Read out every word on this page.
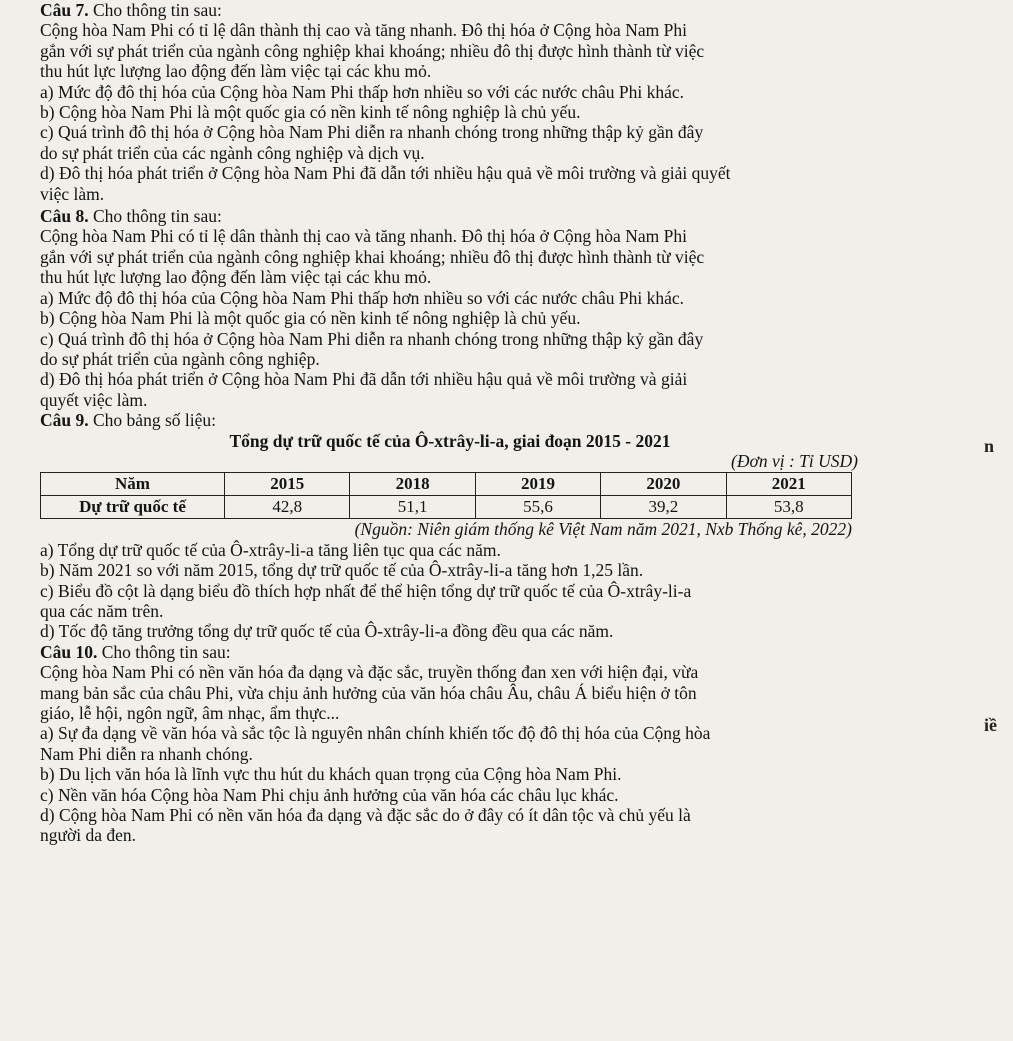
Câu 7. Cho thông tin sau:

Cộng hòa Nam Phi có tỉ lệ dân thành thị cao và tăng nhanh. Đô thị hóa ở Cộng hòa Nam Phi

gắn với sự phát triển của ngành công nghiệp khai khoáng; nhiều đô thị được hình thành từ việc

thu hút lực lượng lao động đến làm việc tại các khu mỏ.

a) Mức độ đô thị hóa của Cộng hòa Nam Phi thấp hơn nhiều so với các nước châu Phi khác.

b) Cộng hòa Nam Phi là một quốc gia có nền kinh tế nông nghiệp là chủ yếu.

c) Quá trình đô thị hóa ở Cộng hòa Nam Phi diễn ra nhanh chóng trong những thập kỷ gần đây

do sự phát triển của các ngành công nghiệp và dịch vụ.

d) Đô thị hóa phát triển ở Cộng hòa Nam Phi đã dẫn tới nhiều hậu quả về môi trường và giải quyết

việc làm.

Câu 8. Cho thông tin sau:

Cộng hòa Nam Phi có tỉ lệ dân thành thị cao và tăng nhanh. Đô thị hóa ở Cộng hòa Nam Phi

gắn với sự phát triển của ngành công nghiệp khai khoáng; nhiều đô thị được hình thành từ việc

thu hút lực lượng lao động đến làm việc tại các khu mỏ.

a) Mức độ đô thị hóa của Cộng hòa Nam Phi thấp hơn nhiều so với các nước châu Phi khác.

b) Cộng hòa Nam Phi là một quốc gia có nền kinh tế nông nghiệp là chủ yếu.

c) Quá trình đô thị hóa ở Cộng hòa Nam Phi diễn ra nhanh chóng trong những thập kỷ gần đây

do sự phát triển của ngành công nghiệp.

d) Đô thị hóa phát triển ở Cộng hòa Nam Phi đã dẫn tới nhiều hậu quả về môi trường và giải

quyết việc làm.

Câu 9. Cho bảng số liệu:

Tổng dự trữ quốc tế của Ô-xtrây-li-a, giai đoạn 2015 - 2021

(Đơn vị : Tỉ USD)

Năm	2015	2018	2019	2020	2021
Dự trữ quốc tế	42,8	51,1	55,6	39,2	53,8

(Nguồn: Niên giám thống kê Việt Nam năm 2021, Nxb Thống kê, 2022)

a) Tổng dự trữ quốc tế của Ô-xtrây-li-a tăng liên tục qua các năm.

b) Năm 2021 so với năm 2015, tổng dự trữ quốc tế của Ô-xtrây-li-a tăng hơn 1,25 lần.

c) Biểu đồ cột là dạng biểu đồ thích hợp nhất để thể hiện tổng dự trữ quốc tế của Ô-xtrây-li-a

qua các năm trên.

d) Tốc độ tăng trưởng tổng dự trữ quốc tế của Ô-xtrây-li-a đồng đều qua các năm.

Câu 10. Cho thông tin sau:

Cộng hòa Nam Phi có nền văn hóa đa dạng và đặc sắc, truyền thống đan xen với hiện đại, vừa

mang bản sắc của châu Phi, vừa chịu ảnh hưởng của văn hóa châu Âu, châu Á biểu hiện ở tôn

giáo, lễ hội, ngôn ngữ, âm nhạc, ẩm thực...

a) Sự đa dạng về văn hóa và sắc tộc là nguyên nhân chính khiến tốc độ đô thị hóa của Cộng hòa

Nam Phi diễn ra nhanh chóng.

b) Du lịch văn hóa là lĩnh vực thu hút du khách quan trọng của Cộng hòa Nam Phi.

c) Nền văn hóa Cộng hòa Nam Phi chịu ảnh hưởng của văn hóa các châu lục khác.

d) Cộng hòa Nam Phi có nền văn hóa đa dạng và đặc sắc do ở đây có ít dân tộc và chủ yếu là

người da đen.

n
iề
